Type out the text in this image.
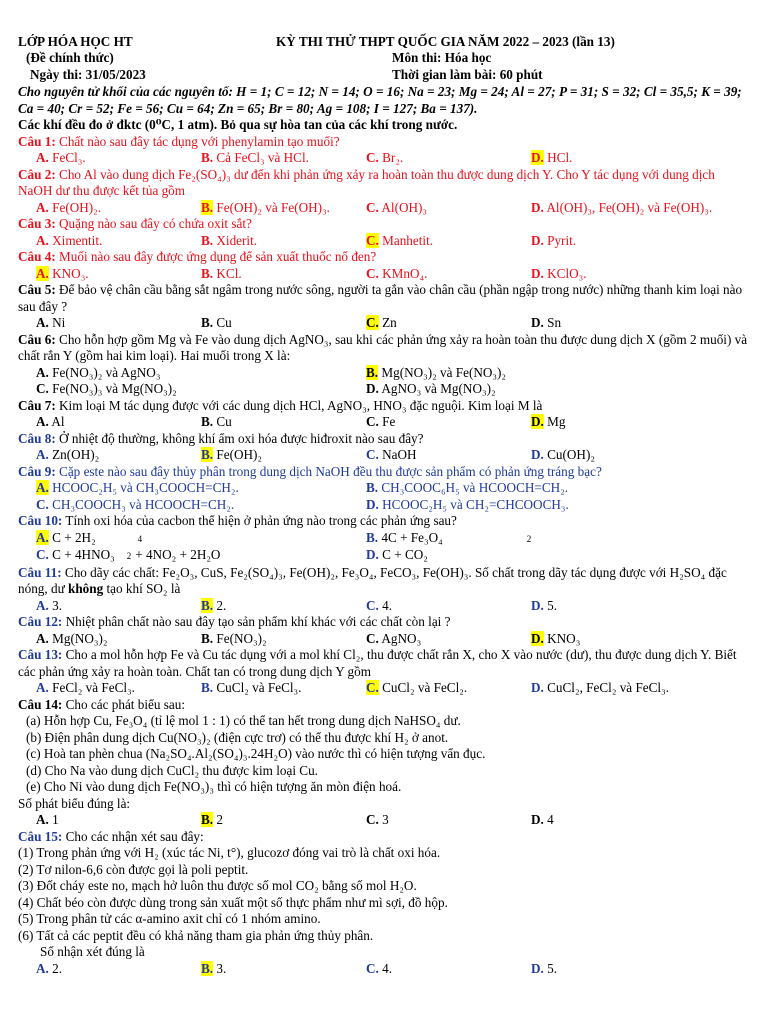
LỚP HÓA HỌC HT
(Đề chính thức)
Ngày thi: 31/05/2023
KỲ THI THỬ THPT QUỐC GIA NĂM 2022 – 2023 (lần 13)
Môn thi: Hóa học
Thời gian làm bài: 60 phút
Cho nguyên tử khối của các nguyên tố: H = 1; C = 12; N = 14; O = 16; Na = 23; Mg = 24; Al = 27; P = 31; S = 32; Cl = 35,5; K = 39; Ca = 40; Cr = 52; Fe = 56; Cu = 64; Zn = 65; Br = 80; Ag = 108; I = 127; Ba = 137).
Các khí đều đo ở đktc (0⁰C, 1 atm). Bỏ qua sự hòa tan của các khí trong nước.
Câu 1: Chất nào sau đây tác dụng với phenylamin tạo muối?
A. FeCl₃.	B. Cả FeCl₃ và HCl.	C. Br₂.	D. HCl.
Câu 2: Cho Al vào dung dịch Fe₂(SO₄)₃ dư đến khi phản ứng xảy ra hoàn toàn thu được dung dịch Y. Cho Y tác dụng với dung dịch NaOH dư thu được kết tủa gồm
A. Fe(OH)₂.	B. Fe(OH)₂ và Fe(OH)₃.	C. Al(OH)₃	D. Al(OH)₃, Fe(OH)₂ và Fe(OH)₃.
Câu 3: Quặng nào sau đây có chứa oxit sắt?
A. Ximentit.	B. Xiderit.	C. Manhetit.	D. Pyrit.
Câu 4: Muối nào sau đây được ứng dụng để sản xuất thuốc nổ đen?
A. KNO₃.	B. KCl.	C. KMnO₄.	D. KClO₃.
Câu 5: Để bảo vệ chân cầu bằng sắt ngâm trong nước sông, người ta gắn vào chân cầu (phần ngập trong nước) những thanh kim loại nào sau đây ?
A. Ni	B. Cu	C. Zn	D. Sn
Câu 6: Cho hỗn hợp gồm Mg và Fe vào dung dịch AgNO₃, sau khi các phản ứng xảy ra hoàn toàn thu được dung dịch X (gồm 2 muối) và chất rắn Y (gồm hai kim loại). Hai muối trong X là:
A. Fe(NO₃)₂ và AgNO₃	B. Mg(NO₃)₂ và Fe(NO₃)₂
C. Fe(NO₃)₃ và Mg(NO₃)₂	D. AgNO₃ và Mg(NO₃)₂
Câu 7: Kim loại M tác dụng được với các dung dịch HCl, AgNO₃, HNO₃ đặc nguội. Kim loại M là
A. Al	B. Cu	C. Fe	D. Mg
Câu 8: Ở nhiệt độ thường, không khí ẩm oxi hóa được hiđroxit nào sau đây?
A. Zn(OH)₂	B. Fe(OH)₂	C. NaOH	D. Cu(OH)₂
Câu 9: Cặp este nào sau đây thủy phân trong dung dịch NaOH đều thu được sản phẩm có phản ứng tráng bạc?
A. HCOOC₂H₅ và CH₃COOCH=CH₂.	B. CH₃COOC₆H₅ và HCOOCH=CH₂.
C. CH₃COOCH₃ và HCOOCH=CH₂.	D. HCOOC₂H₅ và CH₂=CHCOOCH₃.
Câu 10: Tính oxi hóa của cacbon thể hiện ở phản ứng nào trong các phản ứng sau?
A. C + 2H₂	4	B. 4C + Fe₃O₄	2
C. C + 4HNO₃ 2 + 4NO₂ + 2H₂O	D. C + CO₂
Câu 11: Cho dãy các chất: Fe₂O₃, CuS, Fe₂(SO₄)₃, Fe(OH)₂, Fe₃O₄, FeCO₃, Fe(OH)₃. Số chất trong dãy tác dụng được với H₂SO₄ đặc nóng, dư không tạo khí SO₂ là
A. 3.	B. 2.	C. 4.	D. 5.
Câu 12: Nhiệt phân chất nào sau đây tạo sản phẩm khí khác với các chất còn lại ?
A. Mg(NO₃)₂	B. Fe(NO₃)₂	C. AgNO₃	D. KNO₃
Câu 13: Cho a mol hỗn hợp Fe và Cu tác dụng với a mol khí Cl₂, thu được chất rắn X, cho X vào nước (dư), thu được dung dịch Y. Biết các phản ứng xảy ra hoàn toàn. Chất tan có trong dung dịch Y gồm
A. FeCl₂ và FeCl₃.	B. CuCl₂ và FeCl₃.	C. CuCl₂ và FeCl₂.	D. CuCl₂, FeCl₂ và FeCl₃.
Câu 14: Cho các phát biểu sau:
(a) Hỗn hợp Cu, Fe₃O₄ (tỉ lệ mol 1 : 1) có thể tan hết trong dung dịch NaHSO₄ dư.
(b) Điện phân dung dịch Cu(NO₃)₂ (điện cực trơ) có thể thu được khí H₂ ở anot.
(c) Hoà tan phèn chua (Na₂SO₄.Al₂(SO₄)₃.24H₂O) vào nước thì có hiện tượng vẩn đục.
(d) Cho Na vào dung dịch CuCl₂ thu được kim loại Cu.
(e) Cho Ni vào dung dịch Fe(NO₃)₃ thì có hiện tượng ăn mòn điện hoá.
Số phát biểu đúng là:
A. 1	B. 2	C. 3	D. 4
Câu 15: Cho các nhận xét sau đây:
(1) Trong phản ứng với H₂ (xúc tác Ni, t°), glucozơ đóng vai trò là chất oxi hóa.
(2) Tơ nilon-6,6 còn được gọi là poli peptit.
(3) Đốt cháy este no, mạch hở luôn thu được số mol CO₂ bằng số mol H₂O.
(4) Chất béo còn được dùng trong sản xuất một số thực phẩm như mì sợi, đồ hộp.
(5) Trong phân tử các α-amino axit chỉ có 1 nhóm amino.
(6) Tất cả các peptit đều có khả năng tham gia phản ứng thủy phân.
Số nhận xét đúng là
A. 2.	B. 3.	C. 4.	D. 5.
